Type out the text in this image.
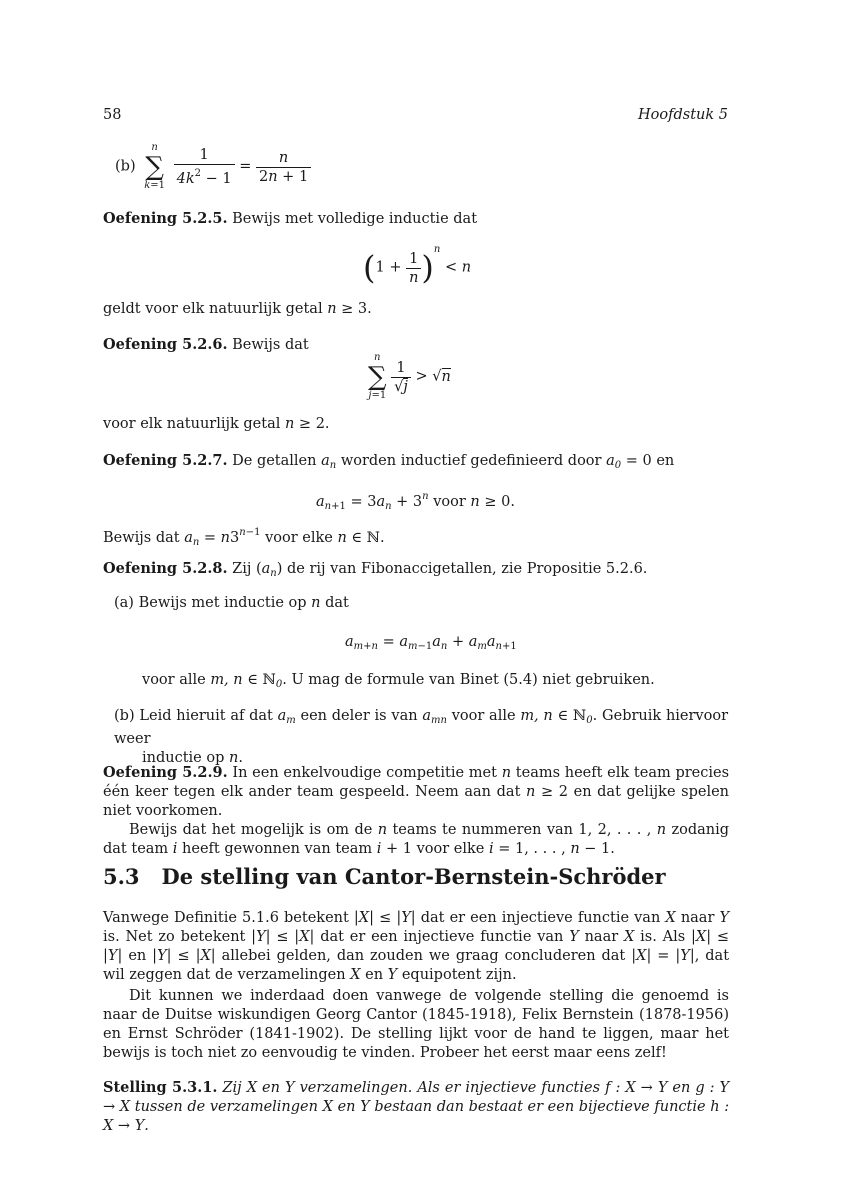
58	Hoofdstuk 5
(b)
n
∑
k=1
$\frac{1}{4k^2 - 1} = \frac{n}{2n + 1}$
Oefening 5.2.5. Bewijs met volledige inductie dat
$(1 + \frac{1}{n} )^n < n$
geldt voor elk natuurlijk getal n ≥ 3.
Oefening 5.2.6. Bewijs dat
n
∑
j=1
$\frac{1}{√j} > √n$
voor elk natuurlijk getal n ≥ 2.
Oefening 5.2.7. De getallen $a_n$ worden inductief gedefinieerd door $a_0 = 0$ en
$a_{n+1} = 3a_n + 3^n$ voor n ≥ 0.
Bewijs dat $a_n = n3^{n-1}$ voor elke n ∈ ℕ.
Oefening 5.2.8. Zij $(a_n)$ de rij van Fibonaccigetallen, zie Propositie 5.2.6.
(a) Bewijs met inductie op n dat
$a_{m+n} = a_{m-1}a_n + a_ma_{n+1}$
voor alle m, n ∈ ℕ$_0$. U mag de formule van Binet (5.4) niet gebruiken.
(b) Leid hieruit af dat $a_m$ een deler is van $a_{mn}$ voor alle m, n ∈ ℕ$_0$. Gebruik hiervoor weer
inductie op n.
Oefening 5.2.9. In een enkelvoudige competitie met n teams heeft elk team precies één keer tegen elk ander team gespeeld. Neem aan dat n ≥ 2 en dat gelijke spelen niet voorkomen.
Bewijs dat het mogelijk is om de n teams te nummeren van 1, 2, . . . , n zodanig dat team i heeft gewonnen van team i + 1 voor elke i = 1, . . . , n − 1.
5.3 De stelling van Cantor-Bernstein-Schröder
Vanwege Definitie 5.1.6 betekent |X| ≤ |Y| dat er een injectieve functie van X naar Y is. Net zo betekent |Y| ≤ |X| dat er een injectieve functie van Y naar X is. Als |X| ≤ |Y| en |Y| ≤ |X| allebei gelden, dan zouden we graag concluderen dat |X| = |Y|, dat wil zeggen dat de verzamelingen X en Y equipotent zijn.
Dit kunnen we inderdaad doen vanwege de volgende stelling die genoemd is naar de Duitse wiskundigen Georg Cantor (1845-1918), Felix Bernstein (1878-1956) en Ernst Schröder (1841-1902). De stelling lijkt voor de hand te liggen, maar het bewijs is toch niet zo eenvoudig te vinden. Probeer het eerst maar eens zelf!
Stelling 5.3.1. Zij X en Y verzamelingen. Als er injectieve functies f : X → Y en g : Y → X tussen de verzamelingen X en Y bestaan dan bestaat er een bijectieve functie h : X → Y.
